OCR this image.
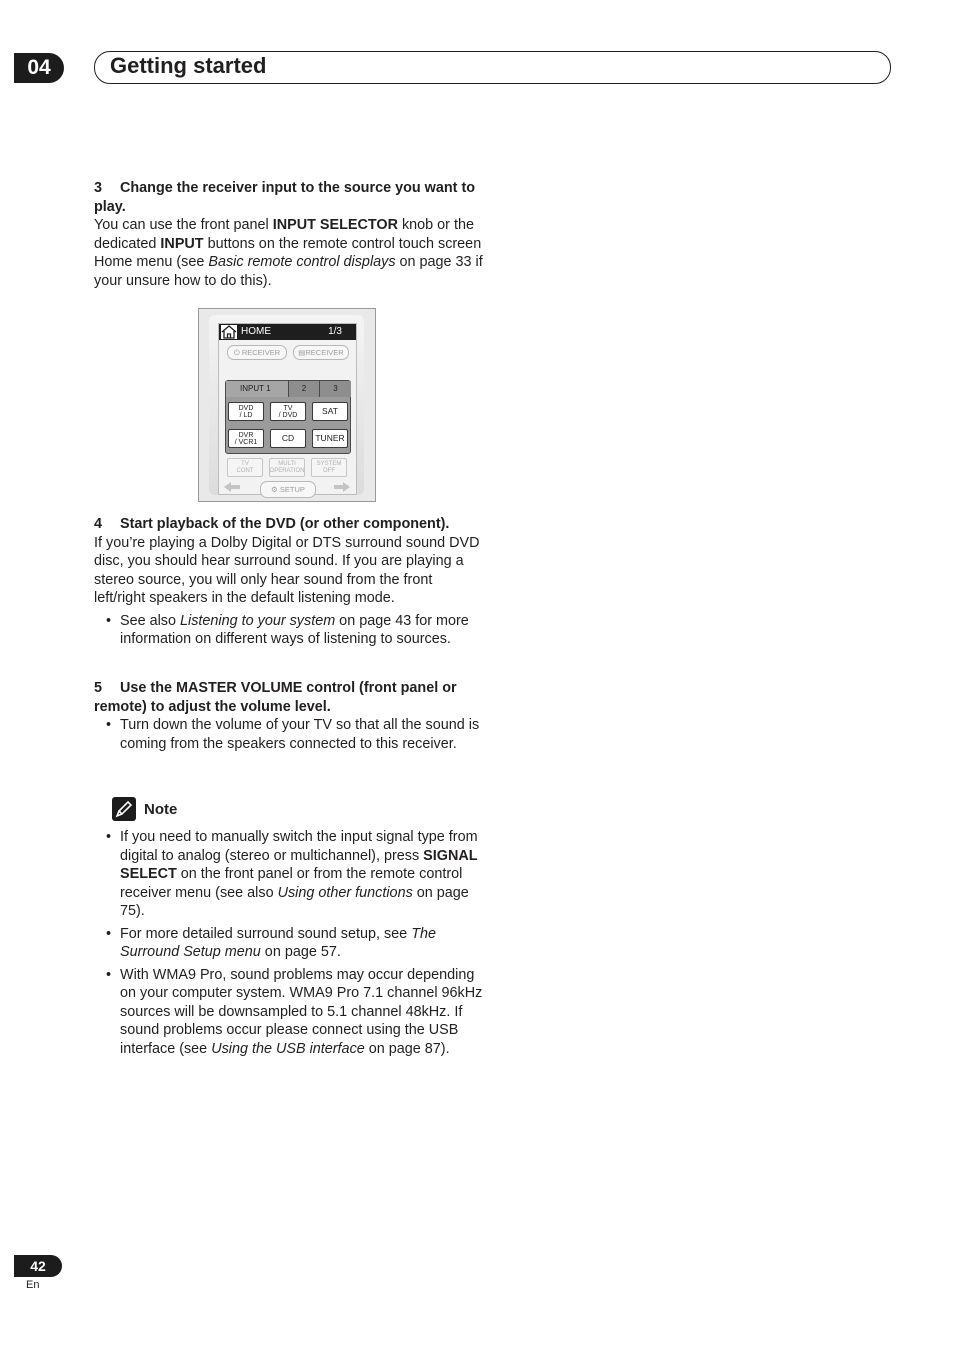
04	Getting started
3 Change the receiver input to the source you want to play.

You can use the front panel INPUT SELECTOR knob or the dedicated INPUT buttons on the remote control touch screen Home menu (see Basic remote control displays on page 33 if your unsure how to do this).

HOME	1/3
⏻ RECEIVER	▤RECEIVER
INPUT 1	2	3
DVD
/ LD
TV
/ DVD	SAT
DVR
/ VCR1	CD	TUNER
TV
CONT
MULTI
OPERATION
SYSTEM
OFF
⚙ SETUP
4 Start playback of the DVD (or other component).

If you’re playing a Dolby Digital or DTS surround sound DVD disc, you should hear surround sound. If you are playing a stereo source, you will only hear sound from the front left/right speakers in the default listening mode.

• See also Listening to your system on page 43 for more information on different ways of listening to sources.
5 Use the MASTER VOLUME control (front panel or remote) to adjust the volume level.
• Turn down the volume of your TV so that all the sound is coming from the speakers connected to this receiver.
Note
• If you need to manually switch the input signal type from digital to analog (stereo or multichannel), press SIGNAL SELECT on the front panel or from the remote control receiver menu (see also Using other functions on page 75).
• For more detailed surround sound setup, see The Surround Setup menu on page 57.
• With WMA9 Pro, sound problems may occur depending on your computer system. WMA9 Pro 7.1 channel 96kHz sources will be downsampled to 5.1 channel 48kHz. If sound problems occur please connect using the USB interface (see Using the USB interface on page 87).
42
En
